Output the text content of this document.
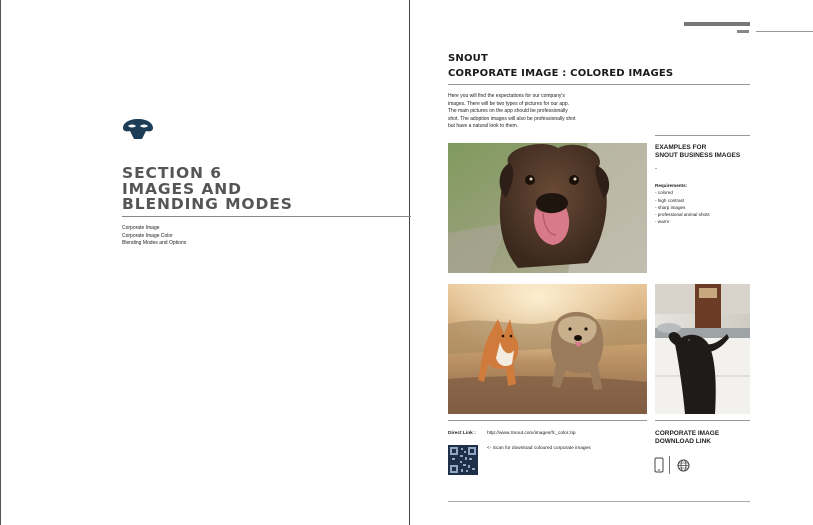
SECTION 6
IMAGES AND
BLENDING MODES
Corporate Image
Corporate Image Color
Blending Modes and Options
SNOUT
CORPORATE IMAGE : COLORED IMAGES
Here you will find the expectations for our company's
images. There will be two types of pictures for our app.
The main pictures on the app should be professionally
shot. The adoption images will also be professionally shot
but have a natural look to them.
EXAMPLES FOR
SNOUT BUSINESS IMAGES
-
Requirements:
- colored
- high contrast
- sharp images
- professional animal shots
- warm
Direct Link : http://www.Snout.com/images/fc_color.zip
<- Scan for download coloured corporate images
CORPORATE IMAGE
DOWNLOAD LINK
